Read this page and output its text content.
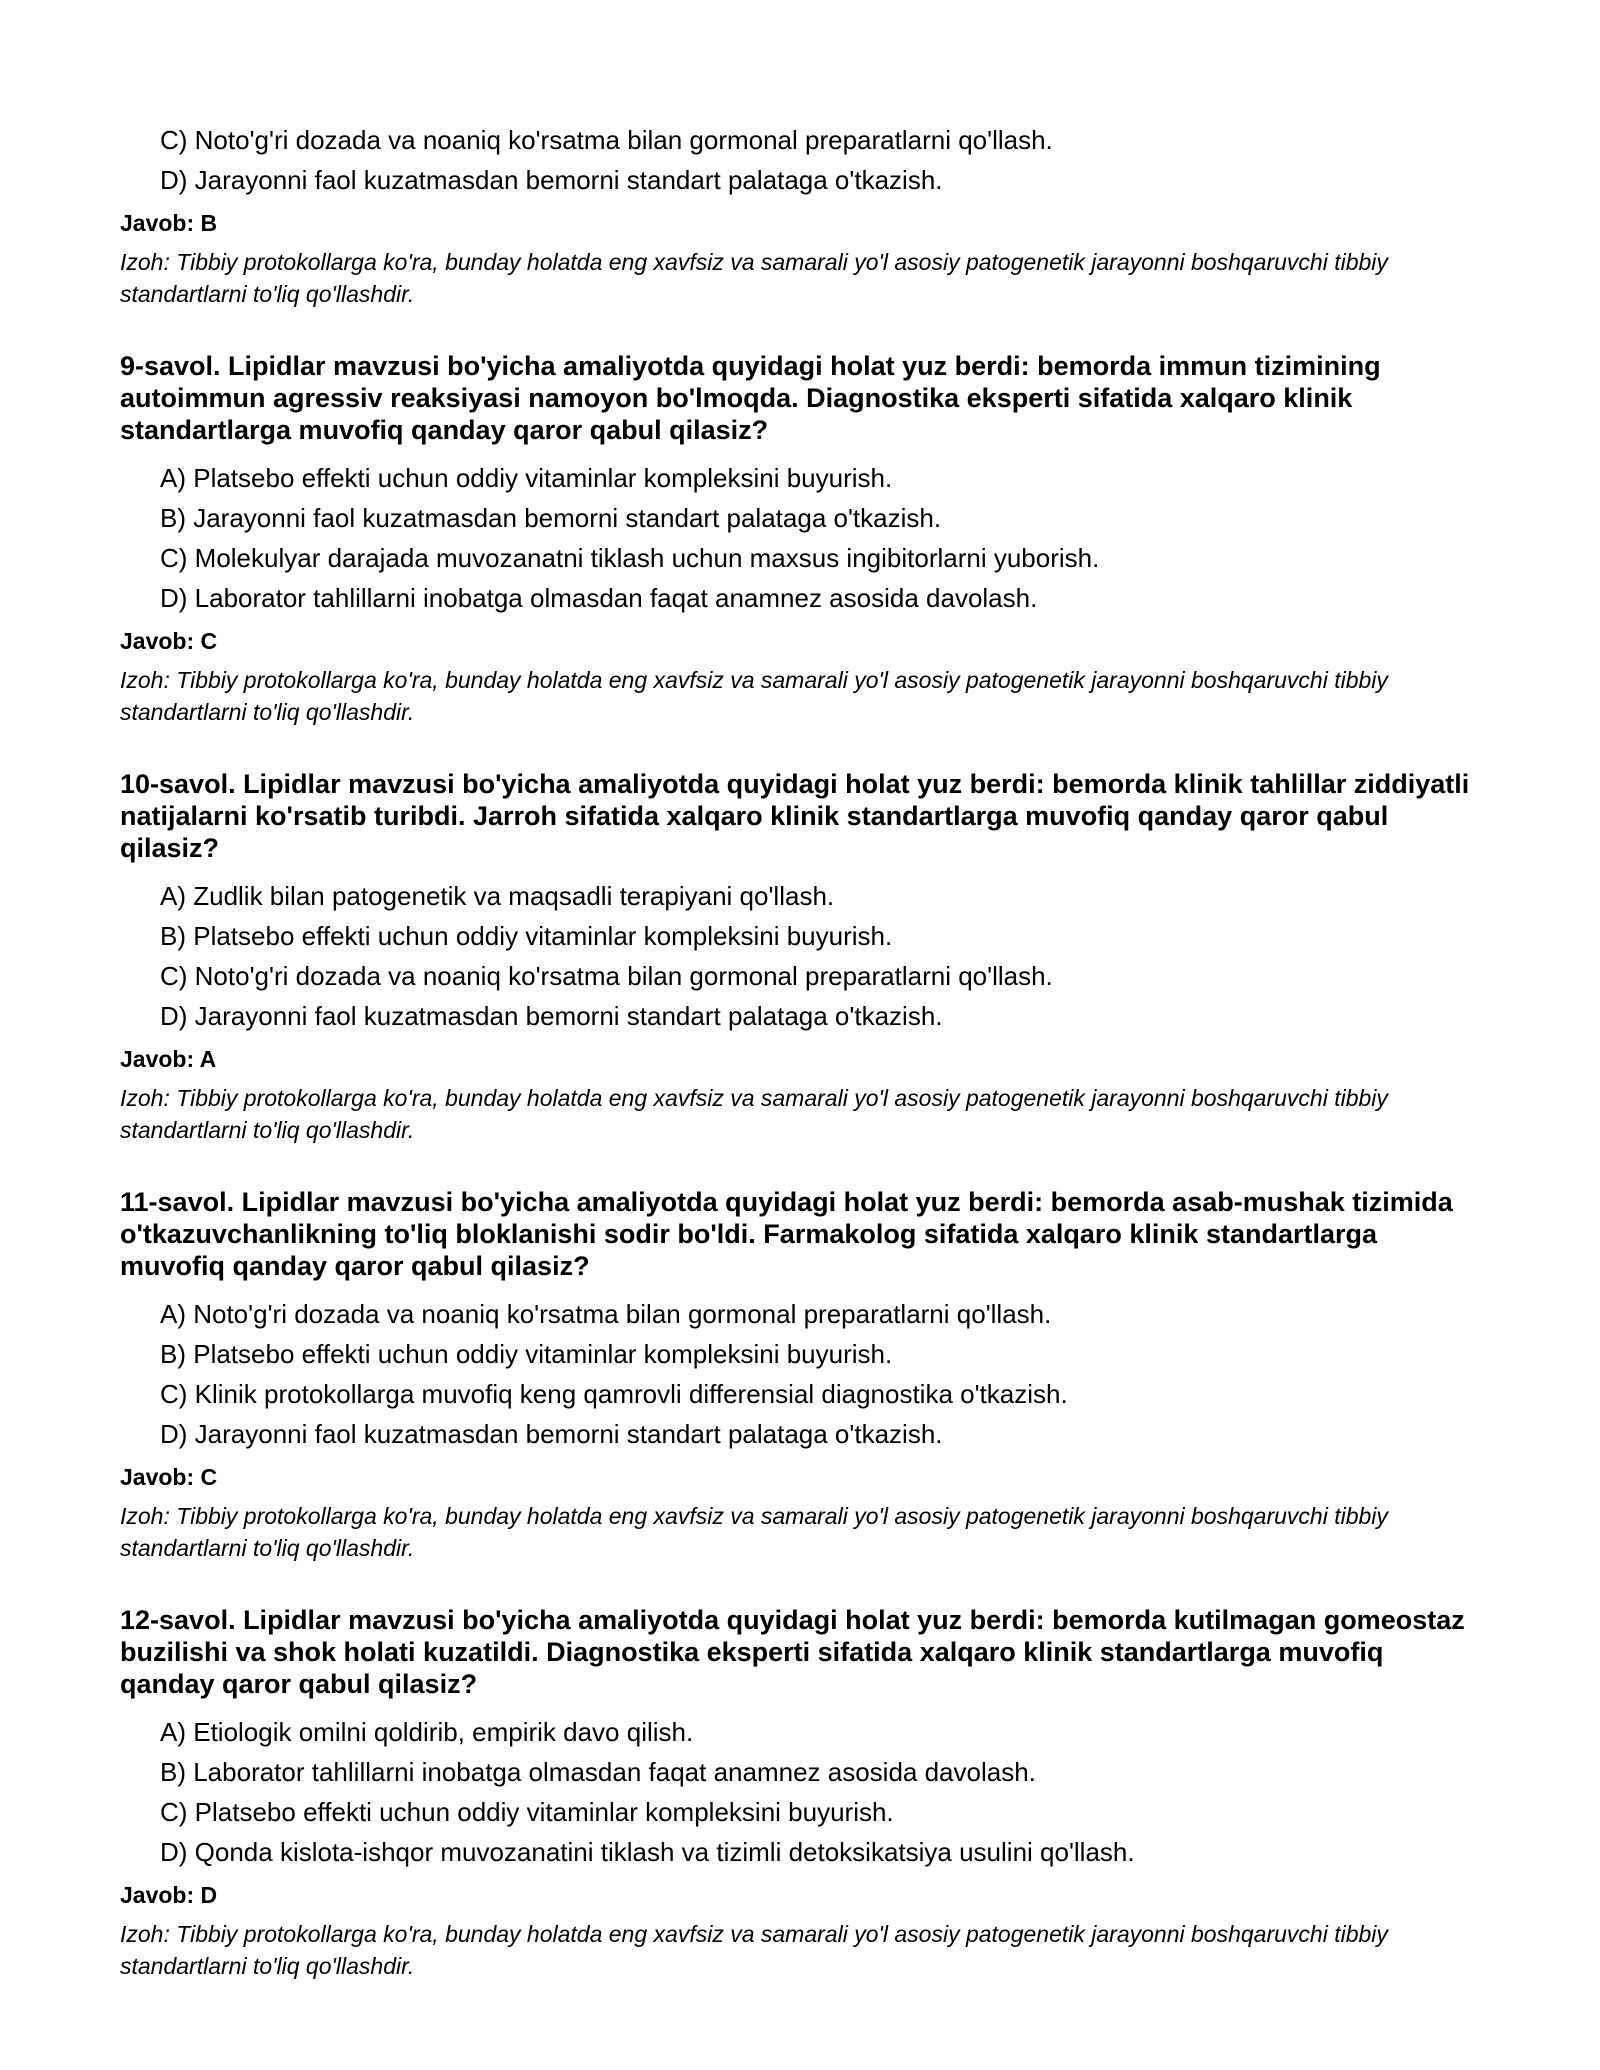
C) Noto'g'ri dozada va noaniq ko'rsatma bilan gormonal preparatlarni qo'llash.
D) Jarayonni faol kuzatmasdan bemorni standart palataga o'tkazish.
Javob: B
Izoh: Tibbiy protokollarga ko'ra, bunday holatda eng xavfsiz va samarali yo'l asosiy patogenetik jarayonni boshqaruvchi tibbiy standartlarni to'liq qo'llashdir.

9-savol. Lipidlar mavzusi bo'yicha amaliyotda quyidagi holat yuz berdi: bemorda immun tizimining autoimmun agressiv reaksiyasi namoyon bo'lmoqda. Diagnostika eksperti sifatida xalqaro klinik standartlarga muvofiq qanday qaror qabul qilasiz?

A) Platsebo effekti uchun oddiy vitaminlar kompleksini buyurish.
B) Jarayonni faol kuzatmasdan bemorni standart palataga o'tkazish.
C) Molekulyar darajada muvozanatni tiklash uchun maxsus ingibitorlarni yuborish.
D) Laborator tahlillarni inobatga olmasdan faqat anamnez asosida davolash.
Javob: C
Izoh: Tibbiy protokollarga ko'ra, bunday holatda eng xavfsiz va samarali yo'l asosiy patogenetik jarayonni boshqaruvchi tibbiy standartlarni to'liq qo'llashdir.

10-savol. Lipidlar mavzusi bo'yicha amaliyotda quyidagi holat yuz berdi: bemorda klinik tahlillar ziddiyatli natijalarni ko'rsatib turibdi. Jarroh sifatida xalqaro klinik standartlarga muvofiq qanday qaror qabul qilasiz?

A) Zudlik bilan patogenetik va maqsadli terapiyani qo'llash.
B) Platsebo effekti uchun oddiy vitaminlar kompleksini buyurish.
C) Noto'g'ri dozada va noaniq ko'rsatma bilan gormonal preparatlarni qo'llash.
D) Jarayonni faol kuzatmasdan bemorni standart palataga o'tkazish.
Javob: A
Izoh: Tibbiy protokollarga ko'ra, bunday holatda eng xavfsiz va samarali yo'l asosiy patogenetik jarayonni boshqaruvchi tibbiy standartlarni to'liq qo'llashdir.

11-savol. Lipidlar mavzusi bo'yicha amaliyotda quyidagi holat yuz berdi: bemorda asab-mushak tizimida o'tkazuvchanlikning to'liq bloklanishi sodir bo'ldi. Farmakolog sifatida xalqaro klinik standartlarga muvofiq qanday qaror qabul qilasiz?

A) Noto'g'ri dozada va noaniq ko'rsatma bilan gormonal preparatlarni qo'llash.
B) Platsebo effekti uchun oddiy vitaminlar kompleksini buyurish.
C) Klinik protokollarga muvofiq keng qamrovli differensial diagnostika o'tkazish.
D) Jarayonni faol kuzatmasdan bemorni standart palataga o'tkazish.
Javob: C
Izoh: Tibbiy protokollarga ko'ra, bunday holatda eng xavfsiz va samarali yo'l asosiy patogenetik jarayonni boshqaruvchi tibbiy standartlarni to'liq qo'llashdir.

12-savol. Lipidlar mavzusi bo'yicha amaliyotda quyidagi holat yuz berdi: bemorda kutilmagan gomeostaz buzilishi va shok holati kuzatildi. Diagnostika eksperti sifatida xalqaro klinik standartlarga muvofiq qanday qaror qabul qilasiz?

A) Etiologik omilni qoldirib, empirik davo qilish.
B) Laborator tahlillarni inobatga olmasdan faqat anamnez asosida davolash.
C) Platsebo effekti uchun oddiy vitaminlar kompleksini buyurish.
D) Qonda kislota-ishqor muvozanatini tiklash va tizimli detoksikatsiya usulini qo'llash.
Javob: D
Izoh: Tibbiy protokollarga ko'ra, bunday holatda eng xavfsiz va samarali yo'l asosiy patogenetik jarayonni boshqaruvchi tibbiy standartlarni to'liq qo'llashdir.
